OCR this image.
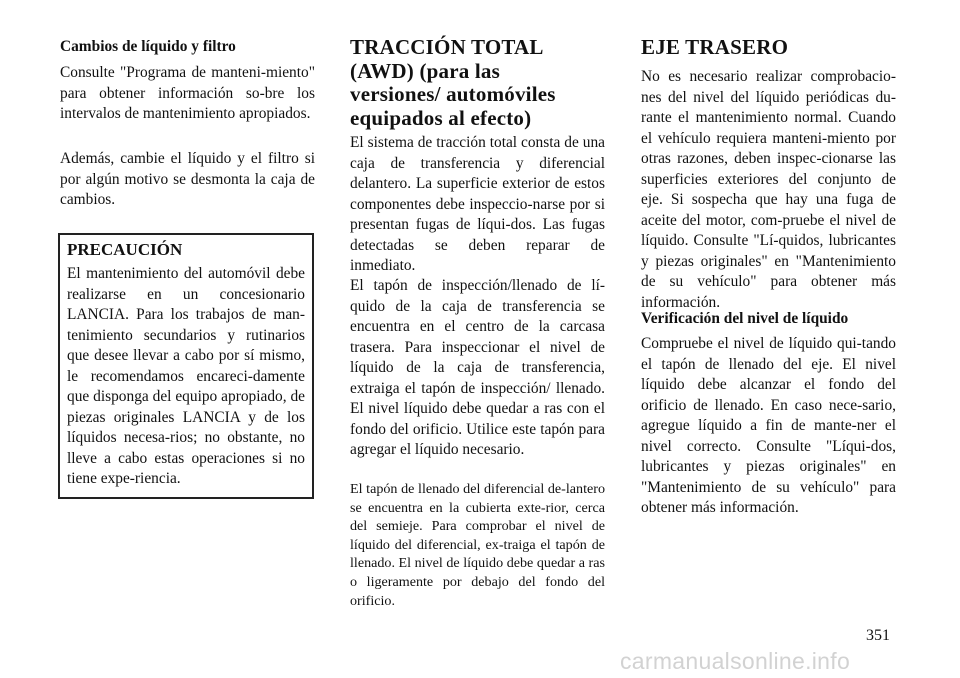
Cambios de líquido y filtro

Consulte "Programa de manteni-miento" para obtener información so-bre los intervalos de mantenimiento apropiados.

Además, cambie el líquido y el filtro si por algún motivo se desmonta la caja de cambios.

PRECAUCIÓN

El mantenimiento del automóvil debe realizarse en un concesionario LANCIA. Para los trabajos de man-tenimiento secundarios y rutinarios que desee llevar a cabo por sí mismo, le recomendamos encareci-damente que disponga del equipo apropiado, de piezas originales LANCIA y de los líquidos necesa-rios; no obstante, no lleve a cabo estas operaciones si no tiene expe-riencia.

TRACCIÓN TOTAL (AWD) (para las versiones/ automóviles equipados al efecto)

El sistema de tracción total consta de una caja de transferencia y diferencial delantero. La superficie exterior de estos componentes debe inspeccio-narse por si presentan fugas de líqui-dos. Las fugas detectadas se deben reparar de inmediato.

El tapón de inspección/llenado de lí-quido de la caja de transferencia se encuentra en el centro de la carcasa trasera. Para inspeccionar el nivel de líquido de la caja de transferencia, extraiga el tapón de inspección/ llenado. El nivel líquido debe quedar a ras con el fondo del orificio. Utilice este tapón para agregar el líquido necesario.

El tapón de llenado del diferencial de-lantero se encuentra en la cubierta exte-rior, cerca del semieje. Para comprobar el nivel de líquido del diferencial, ex-traiga el tapón de llenado. El nivel de líquido debe quedar a ras o ligeramente por debajo del fondo del orificio.

EJE TRASERO

No es necesario realizar comprobacio-nes del nivel del líquido periódicas du-rante el mantenimiento normal. Cuando el vehículo requiera manteni-miento por otras razones, deben inspec-cionarse las superficies exteriores del conjunto de eje. Si sospecha que hay una fuga de aceite del motor, com-pruebe el nivel de líquido. Consulte "Lí-quidos, lubricantes y piezas originales" en "Mantenimiento de su vehículo" para obtener más información.

Verificación del nivel de líquido

Compruebe el nivel de líquido qui-tando el tapón de llenado del eje. El nivel líquido debe alcanzar el fondo del orificio de llenado. En caso nece-sario, agregue líquido a fin de mante-ner el nivel correcto. Consulte "Líqui-dos, lubricantes y piezas originales" en "Mantenimiento de su vehículo" para obtener más información.

351
carmanualsonline.info
